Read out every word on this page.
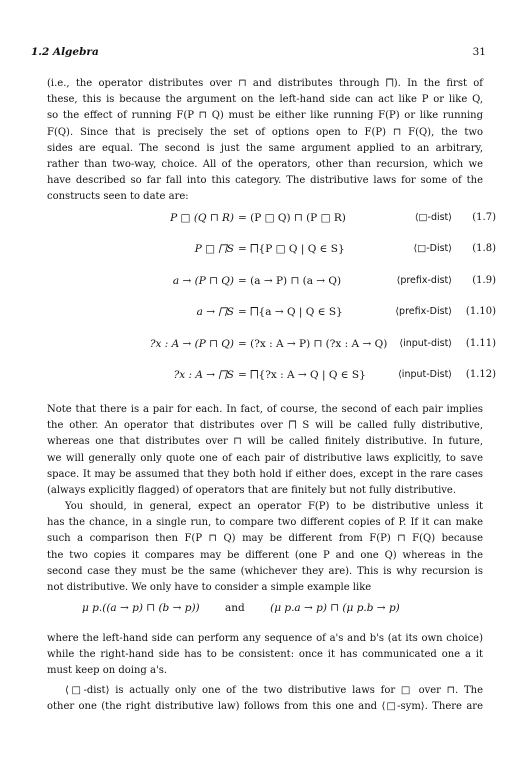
1.2 Algebra	31

(i.e., the operator distributes over ⊓ and distributes through ⨅). In the first of
these, this is because the argument on the left-hand side can act like P or like Q,
so the effect of running F(P ⊓ Q) must be either like running F(P) or like running
F(Q). Since that is precisely the set of options open to F(P) ⊓ F(Q), the two
sides are equal. The second is just the same argument applied to an arbitrary,
rather than two-way, choice. All of the operators, other than recursion, which we
have described so far fall into this category. The distributive laws for some of the
constructs seen to date are:

P □ (Q ⊓ R) = (P □ Q) ⊓ (P □ R)	⟨□-dist⟩ (1.7)
P □ ⨅S = ⨅{P □ Q | Q ∈ S}	⟨□-Dist⟩ (1.8)
a → (P ⊓ Q) = (a → P) ⊓ (a → Q)	⟨prefix-dist⟩ (1.9)
a → ⨅S = ⨅{a → Q | Q ∈ S}	⟨prefix-Dist⟩ (1.10)
?x : A → (P ⊓ Q) = (?x : A → P) ⊓ (?x : A → Q) ⟨input-dist⟩ (1.11)
?x : A → ⨅S = ⨅{?x : A → Q | Q ∈ S}	⟨input-Dist⟩ (1.12)

Note that there is a pair for each. In fact, of course, the second of each pair implies
the other. An operator that distributes over ⨅ S will be called fully distributive,
whereas one that distributes over ⊓ will be called finitely distributive. In future,
we will generally only quote one of each pair of distributive laws explicitly, to save
space. It may be assumed that they both hold if either does, except in the rare cases
(always explicitly flagged) of operators that are finitely but not fully distributive.

You should, in general, expect an operator F(P) to be distributive unless it
has the chance, in a single run, to compare two different copies of P. If it can make
such a comparison then F(P ⊓ Q) may be different from F(P) ⊓ F(Q) because
the two copies it compares may be different (one P and one Q) whereas in the
second case they must be the same (whichever they are). This is why recursion is
not distributive. We only have to consider a simple example like

μ p.((a → p) ⊓ (b → p)) and (μ p.a → p) ⊓ (μ p.b → p)

where the left-hand side can perform any sequence of a's and b's (at its own choice)
while the right-hand side has to be consistent: once it has communicated one a it
must keep on doing a's.

⟨□-dist⟩ is actually only one of the two distributive laws for □ over ⊓. The
other one (the right distributive law) follows from this one and ⟨□-sym⟩. There are
